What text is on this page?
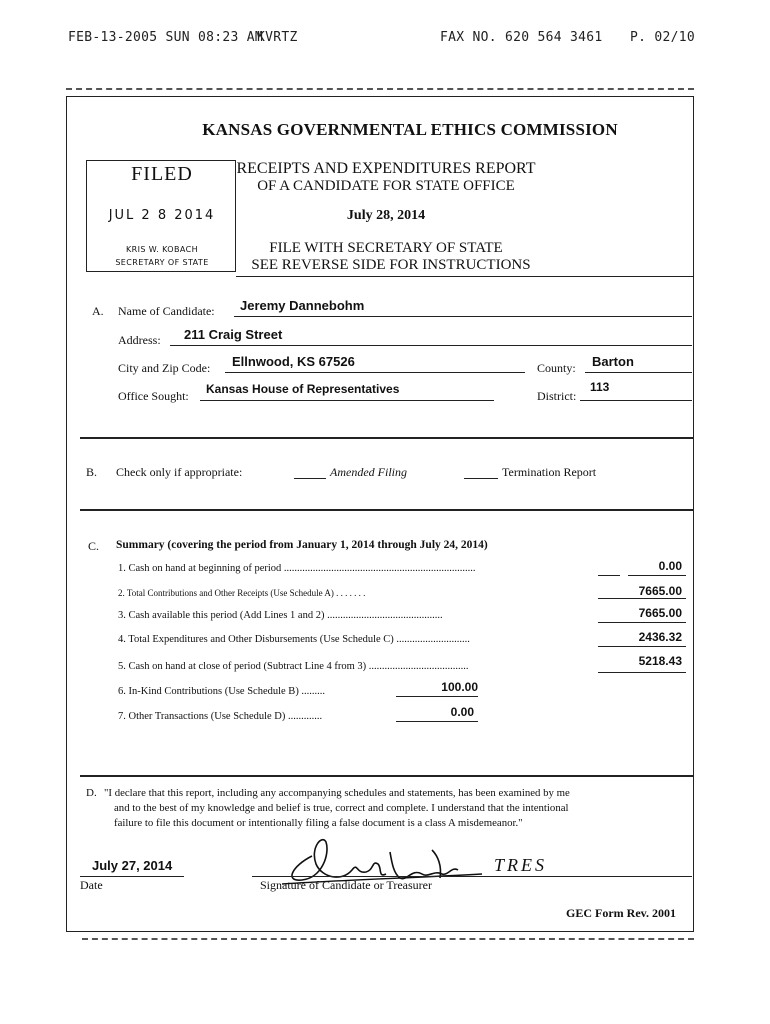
FEB-13-2005 SUN 08:23 AM
KVRTZ	FAX NO. 620 564 3461 P. 02/10
KANSAS GOVERNMENTAL ETHICS COMMISSION
FILED
JUL 2 8 2014
KRIS W. KOBACH
SECRETARY OF STATE
RECEIPTS AND EXPENDITURES REPORT
OF A CANDIDATE FOR STATE OFFICE
July 28, 2014
FILE WITH SECRETARY OF STATE
SEE REVERSE SIDE FOR INSTRUCTIONS
A. Name of Candidate: Jeremy Dannebohm
Address: 211 Craig Street
City and Zip Code: Ellnwood, KS 67526	County: Barton
Office Sought: Kansas House of Representatives	District:
113
B. Check only if appropriate:	Amended Filing	Termination Report
C. Summary (covering the period from January 1, 2014 through July 24, 2014)
1. Cash on hand at beginning of period .........................................................................	0.00
2. Total Contributions and Other Receipts (Use Schedule A) . . . . . . .	7665.00
3. Cash available this period (Add Lines 1 and 2) ............................................	7665.00
4. Total Expenditures and Other Disbursements (Use Schedule C) ............................	2436.32
5. Cash on hand at close of period (Subtract Line 4 from 3) ......................................	5218.43
6. In-Kind Contributions (Use Schedule B) .........	100.00
7. Other Transactions (Use Schedule D) .............	0.00
D. "I declare that this report, including any accompanying schedules and statements, has been examined by me
and to the best of my knowledge and belief is true, correct and complete. I understand that the intentional
failure to file this document or intentionally filing a false document is a class A misdemeanor."
July 27, 2014
Date
TRES
Signature of Candidate or Treasurer
GEC Form Rev. 2001
